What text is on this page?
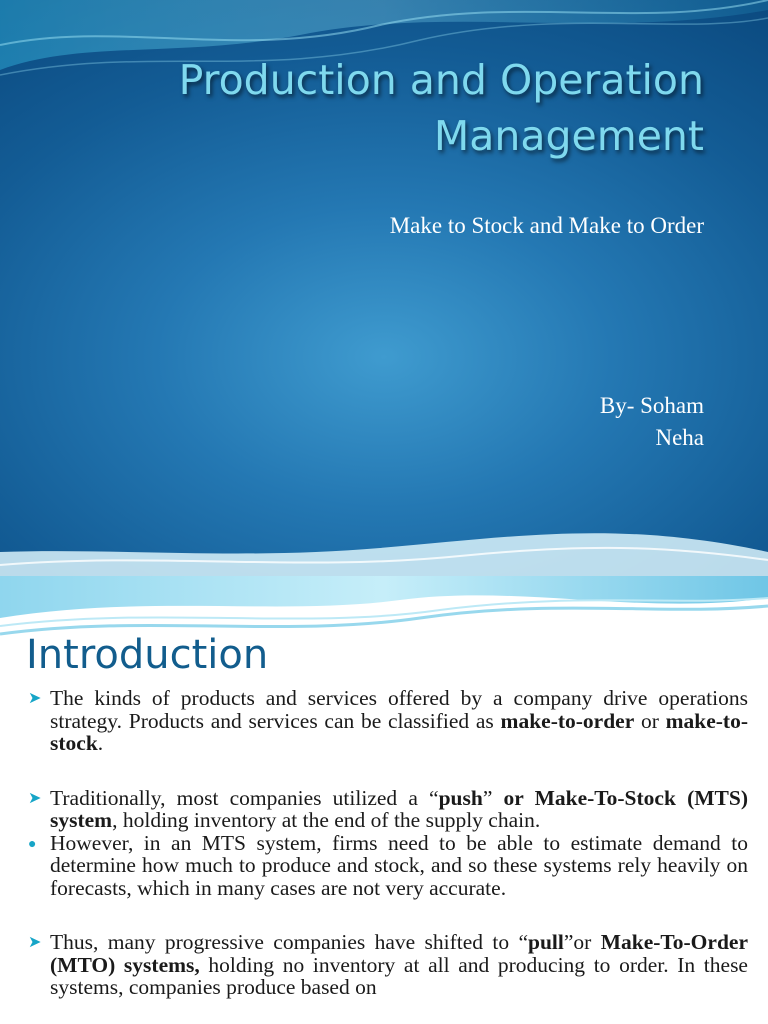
Production and Operation Management

Make to Stock and Make to Order

By- Soham
Neha
Introduction
➤ The kinds of products and services offered by a company drive operations strategy. Products and services can be classified as make-to-order or make-to-stock.
➤ Traditionally, most companies utilized a “push” or Make-To-Stock (MTS) system, holding inventory at the end of the supply chain.
● However, in an MTS system, firms need to be able to estimate demand to determine how much to produce and stock, and so these systems rely heavily on forecasts, which in many cases are not very accurate.
➤ Thus, many progressive companies have shifted to “pull”or Make-To-Order (MTO) systems, holding no inventory at all and producing to order. In these systems, companies produce based on
